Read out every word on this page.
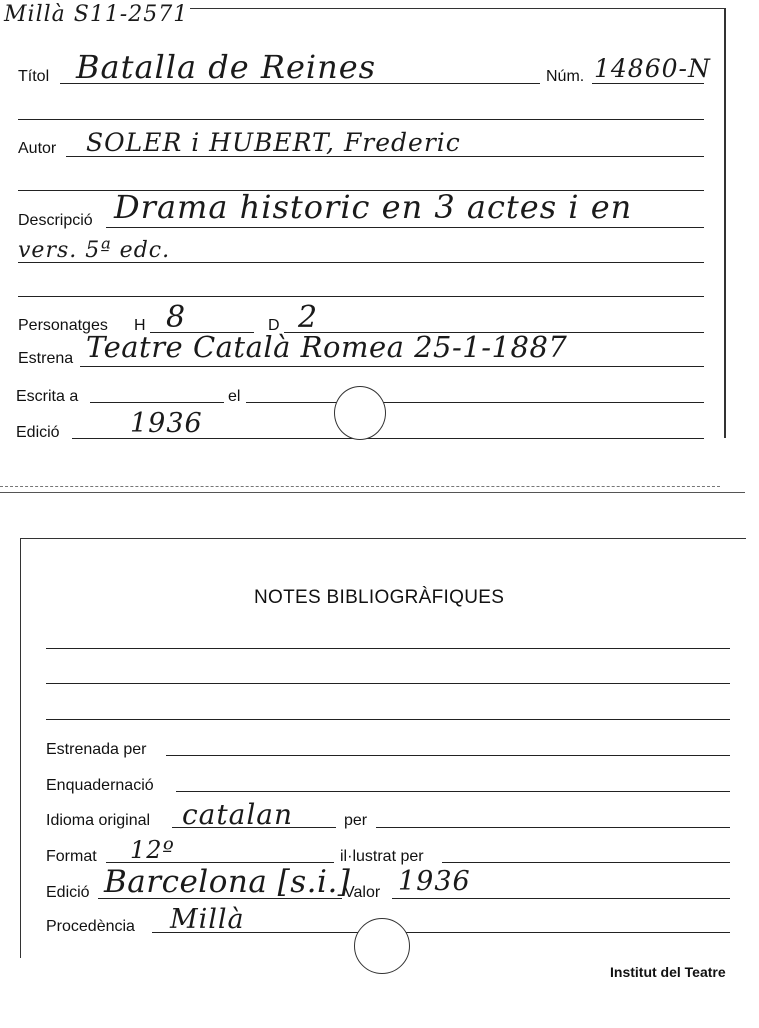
Millà S11-2571
Títol Batalla de Reines	Núm. 14860-N
Autor SOLER i HUBERT, Frederic
Descripció Drama historic en 3 actes i en
vers. 5ª edc.
Personatges H 8	D 2
Estrena Teatre Català Romea 25-1-1887
Escrita a	el
Edició	1936
NOTES BIBLIOGRÀFIQUES
Estrenada per
Enquadernació
Idioma original catalan	per
Format 12º	il·lustrat per
Edició Barcelona [s.i.]
Valor 1936
Procedència Millà
Institut del Teatre
